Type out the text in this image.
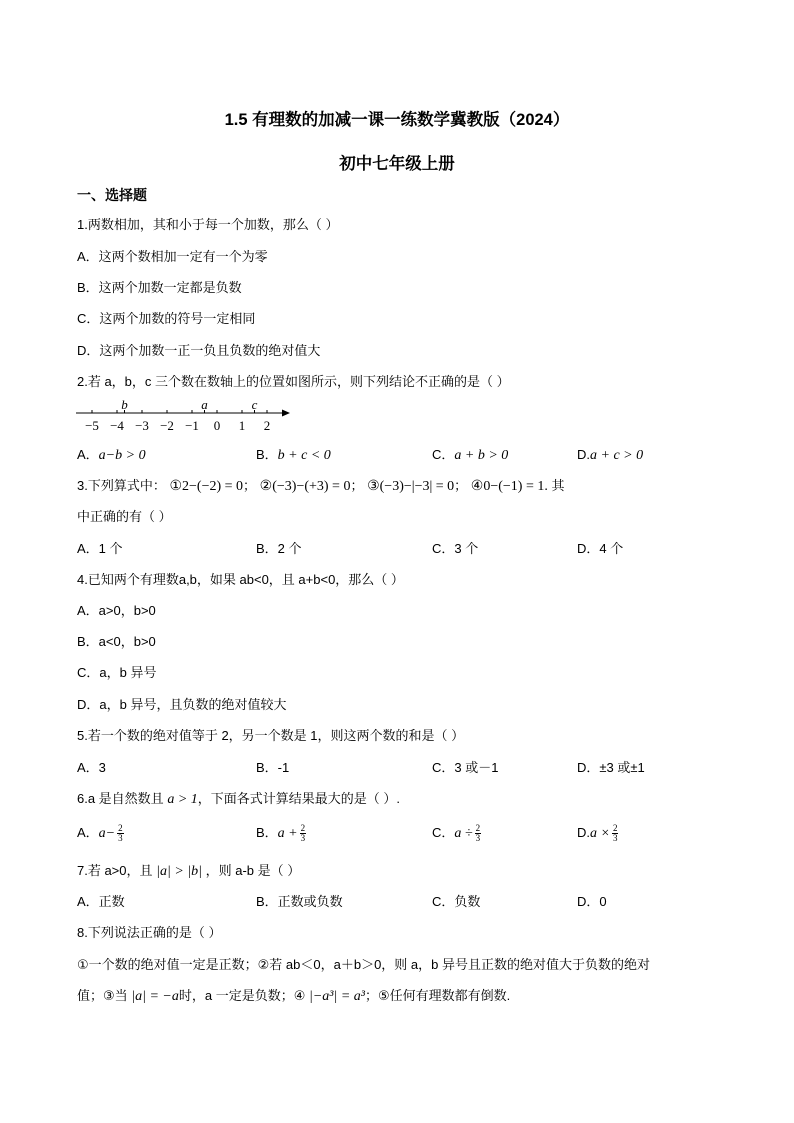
1.5 有理数的加减一课一练数学冀教版（2024）
初中七年级上册
一、选择题
1.两数相加，其和小于每一个加数，那么（ ）
A．这两个数相加一定有一个为零
B．这两个加数一定都是负数
C．这两个加数的符号一定相同
D．这两个加数一正一负且负数的绝对值大
2.若 a，b，c 三个数在数轴上的位置如图所示，则下列结论不正确的是（ ）
−5 −4 −3 −2 −1 0 1 2
b	a	c
A．a−b > 0	B．b + c < 0	C．a + b > 0	D.a + c > 0
3.下列算式中： ①2−(−2) = 0； ②(−3)−(+3) = 0； ③(−3)−|−3| = 0； ④0−(−1) = 1. 其
中正确的有（ ）
A．1 个	B．2 个	C．3 个	D．4 个
4.已知两个有理数a,b，如果 ab<0，且 a+b<0，那么（ ）
A．a>0，b>0
B．a<0，b>0
C．a，b 异号
D．a，b 异号，且负数的绝对值较大
5.若一个数的绝对值等于 2，另一个数是 1，则这两个数的和是（ ）
A．3	B．-1	C．3 或－1	D．±3 或±1
6.a 是自然数且 a > 1，下面各式计算结果最大的是（ ）.
A．$a- \frac{2}{3}$	B．$a + \frac{2}{3}$	C．$a \div \frac{2}{3}$	$D.a \times \frac{2}{3}$
7.若 a>0，且 |a| > |b| ，则 a-b 是（ ）
A．正数	B．正数或负数	C．负数	D．0
8.下列说法正确的是（ ）
①一个数的绝对值一定是正数；②若 ab＜0，a＋b＞0，则 a，b 异号且正数的绝对值大于负数的绝对
值；③当 |a| = −a时，a 一定是负数；④ |−a³| = a³；⑤任何有理数都有倒数.
